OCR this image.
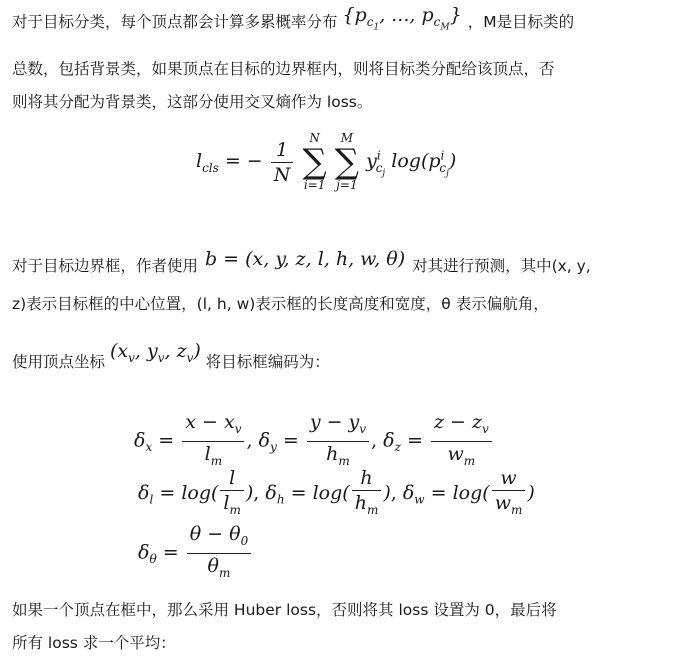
对于目标分类，每个顶点都会计算多累概率分布 {$p_{c_1}$, ..., $p_{c_M}$} ，M是目标类的
总数，包括背景类，如果顶点在目标的边界框内，则将目标类分配给该顶点，否
则将其分配为背景类，这部分使用交叉熵作为 loss。
$l_{cls}$ = − $\frac{1}{N}$
	N
∑
i=1

M
∑
j=1
$y^i_{c_j}$ $\log(p^i_{c_j})$
对于目标边界框，作者使用 b = (x, y, z, l, h, w, θ) 对其进行预测，其中(x, y,
z)表示目标框的中心位置，(l, h, w)表示框的长度高度和宽度，θ 表示偏航角，
使用顶点坐标 ($x_v$, $y_v$, $z_v$) 将目标框编码为：
$\delta_x = \frac{x - x_v}{l_m}$ , $\delta_y = \frac{y - y_v}{h_m}$ , $\delta_z = \frac{z - z_v}{w_m}$
$\delta_l = \log( \frac{l}{l_m}$ ), $\delta_h = \log( \frac{h}{h_m}$ ), $\delta_w = \log( \frac{w}{w_m}$ )
$\delta_\theta = \frac{\theta - \theta_0}{\theta_m}$
如果一个顶点在框中，那么采用 Huber loss，否则将其 loss 设置为 0，最后将
所有 loss 求一个平均：
